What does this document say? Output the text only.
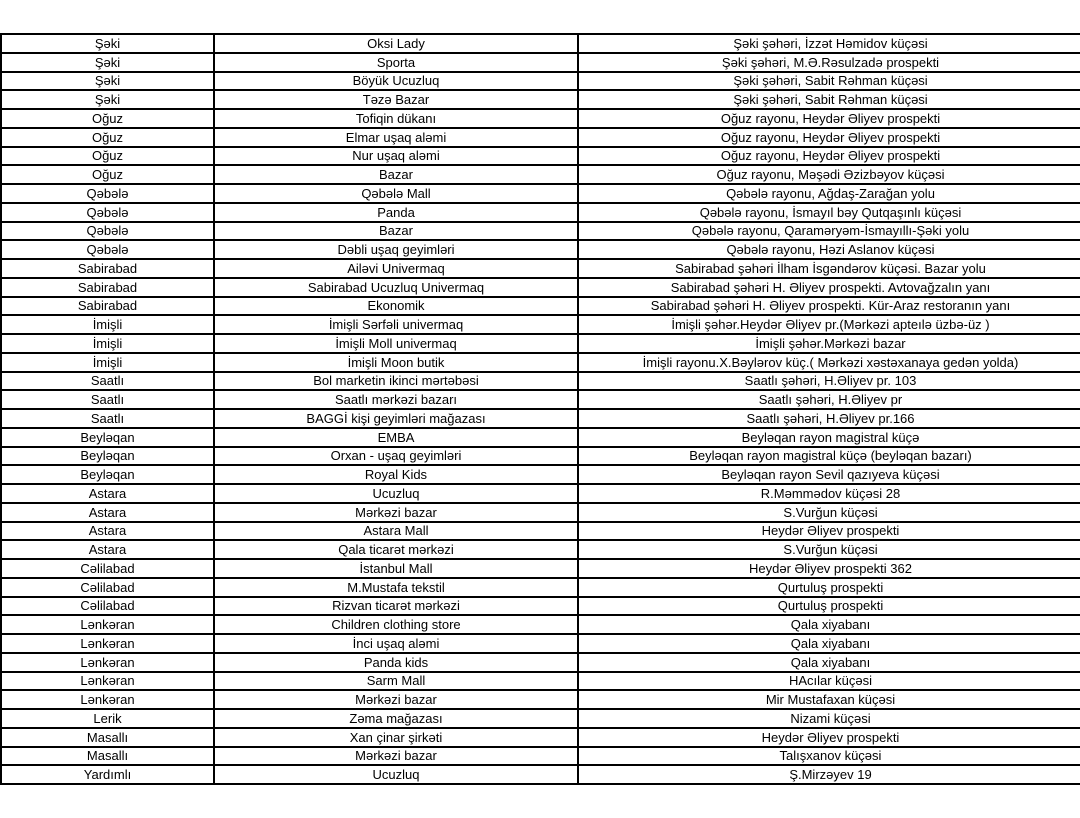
Şəki	Oksi Lady	Şəki şəhəri, İzzət Həmidov küçəsi
Şəki	Sporta	Şəki şəhəri, M.Ə.Rəsulzadə prospekti
Şəki	Böyük Ucuzluq	Şəki şəhəri, Sabit Rəhman küçəsi
Şəki	Təzə Bazar	Şəki şəhəri, Sabit Rəhman küçəsi
Oğuz	Tofiqin dükanı	Oğuz rayonu, Heydər Əliyev prospekti
Oğuz	Elmar uşaq aləmi	Oğuz rayonu, Heydər Əliyev prospekti
Oğuz	Nur uşaq aləmi	Oğuz rayonu, Heydər Əliyev prospekti
Oğuz	Bazar	Oğuz rayonu, Məşədi Əzizbəyov küçəsi
Qəbələ	Qəbələ Mall	Qəbələ rayonu, Ağdaş-Zarağan yolu
Qəbələ	Panda	Qəbələ rayonu, İsmayıl bəy Qutqaşınlı küçəsi
Qəbələ	Bazar	Qəbələ rayonu, Qaraməryəm-İsmayıllı-Şəki yolu
Qəbələ	Dəbli uşaq geyimləri	Qəbələ rayonu, Həzi Aslanov küçəsi
Sabirabad	Ailəvi Univermaq	Sabirabad şəhəri İlham İsgəndərov küçəsi. Bazar yolu
Sabirabad	Sabirabad Ucuzluq Univermaq	Sabirabad şəhəri H. Əliyev prospekti. Avtovağzalın yanı
Sabirabad	Ekonomik	Sabirabad şəhəri H. Əliyev prospekti. Kür-Araz restoranın yanı
İmişli	İmişli Sərfəli univermaq	İmişli şəhər.Heydər Əliyev pr.(Mərkəzi apteılə üzbə-üz )
İmişli	İmişli Moll univermaq	İmişli şəhər.Mərkəzi bazar
İmişli	İmişli Moon butik	İmişli rayonu.X.Bəylərov küç.( Mərkəzi xəstəxanaya gedən yolda)
Saatlı	Bol marketin ikinci mərtəbəsi	Saatlı şəhəri, H.Əliyev pr. 103
Saatlı	Saatlı mərkəzi bazarı	Saatlı şəhəri, H.Əliyev pr
Saatlı	BAGGİ kişi geyimləri mağazası	Saatlı şəhəri, H.Əliyev pr.166
Beyləqan	EMBA	Beyləqan rayon magistral küçə
Beyləqan	Orxan - uşaq geyimləri	Beyləqan rayon magistral küçə (beyləqan bazarı)
Beyləqan	Royal Kids	Beyləqan rayon Sevil qazıyeva küçəsi
Astara	Ucuzluq	R.Məmmədov küçəsi 28
Astara	Mərkəzi bazar	S.Vurğun küçəsi
Astara	Astara Mall	Heydər Əliyev prospekti
Astara	Qala ticarət mərkəzi	S.Vurğun küçəsi
Cəlilabad	İstanbul Mall	Heydər Əliyev prospekti 362
Cəlilabad	M.Mustafa tekstil	Qurtuluş prospekti
Cəlilabad	Rizvan ticarət mərkəzi	Qurtuluş prospekti
Lənkəran	Children clothing store	Qala xiyabanı
Lənkəran	İnci uşaq aləmi	Qala xiyabanı
Lənkəran	Panda kids	Qala xiyabanı
Lənkəran	Sarm Mall	HAcılar küçəsi
Lənkəran	Mərkəzi bazar	Mir Mustafaxan küçəsi
Lerik	Zəma mağazası	Nizami küçəsi
Masallı	Xan çinar şirkəti	Heydər Əliyev prospekti
Masallı	Mərkəzi bazar	Talışxanov küçəsi
Yardımlı	Ucuzluq	Ş.Mirzəyev 19
